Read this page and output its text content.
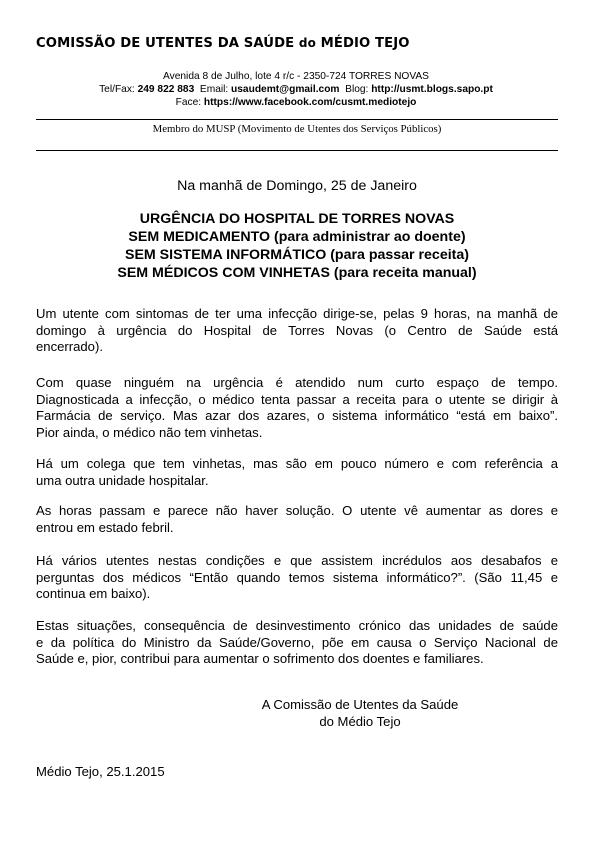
COMISSÃO DE UTENTES DA SAÚDE do MÉDIO TEJO
Avenida 8 de Julho, lote 4 r/c - 2350-724 TORRES NOVAS
Tel/Fax: 249 822 883  Email: usaudemt@gmail.com  Blog: http://usmt.blogs.sapo.pt
Face: https://www.facebook.com/cusmt.mediotejo
Membro do MUSP (Movimento de Utentes dos Serviços Públicos)
Na manhã de Domingo, 25 de Janeiro
URGÊNCIA DO HOSPITAL DE TORRES NOVAS
SEM MEDICAMENTO (para administrar ao doente)
SEM SISTEMA INFORMÁTICO (para passar receita)
SEM MÉDICOS COM VINHETAS (para receita manual)
Um utente com sintomas de ter uma infecção dirige-se, pelas 9 horas, na manhã de
domingo à urgência do Hospital de Torres Novas (o Centro de Saúde está
encerrado).
Com quase ninguém na urgência é atendido num curto espaço de tempo.
Diagnosticada a infecção, o médico tenta passar a receita para o utente se dirigir à
Farmácia de serviço. Mas azar dos azares, o sistema informático “está em baixo”.
Pior ainda, o médico não tem vinhetas.
Há um colega que tem vinhetas, mas são em pouco número e com referência a
uma outra unidade hospitalar.
As horas passam e parece não haver solução. O utente vê aumentar as dores e
entrou em estado febril.
Há vários utentes nestas condições e que assistem incrédulos aos desabafos e
perguntas dos médicos “Então quando temos sistema informático?”. (São 11,45 e
continua em baixo).
Estas situações, consequência de desinvestimento crónico das unidades de saúde
e da política do Ministro da Saúde/Governo, põe em causa o Serviço Nacional de
Saúde e, pior, contribui para aumentar o sofrimento dos doentes e familiares.
A Comissão de Utentes da Saúde
do Médio Tejo
Médio Tejo, 25.1.2015
